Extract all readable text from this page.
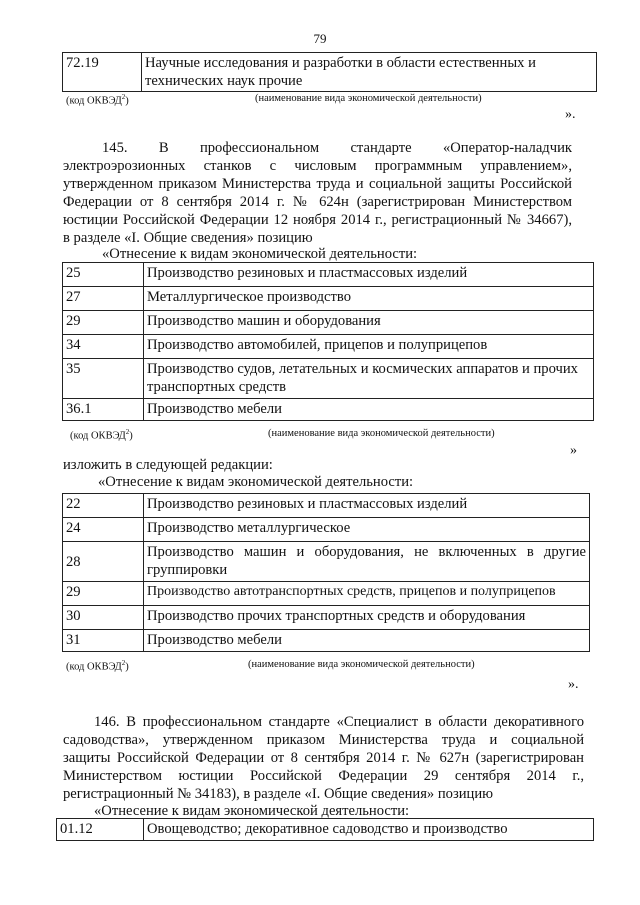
79
72.19	Научные исследования и разработки в области естественных и
технических наук прочие
(код ОКВЭД$^2$)	(наименование вида экономической деятельности)
».
145. В профессиональном стандарте «Оператор-наладчик
электроэрозионных станков с числовым программным управлением»,
утвержденном приказом Министерства труда и социальной защиты Российской
Федерации от 8 сентября 2014 г. № 624н (зарегистрирован Министерством
юстиции Российской Федерации 12 ноября 2014 г., регистрационный № 34667),
в разделе «I. Общие сведения» позицию
«Отнесение к видам экономической деятельности:
25	Производство резиновых и пластмассовых изделий
27	Металлургическое производство
29	Производство машин и оборудования
34	Производство автомобилей, прицепов и полуприцепов
35	Производство судов, летательных и космических аппаратов и прочих транспортных средств
36.1	Производство мебели
(код ОКВЭД$^2$)	(наименование вида экономической деятельности)
»
изложить в следующей редакции:
«Отнесение к видам экономической деятельности:
22	Производство резиновых и пластмассовых изделий
24	Производство металлургическое
28	Производство машин и оборудования, не включенных в другие группировки
29	Производство автотранспортных средств, прицепов и полуприцепов
30	Производство прочих транспортных средств и оборудования
31	Производство мебели
(код ОКВЭД$^2$)	(наименование вида экономической деятельности)
».
146. В профессиональном стандарте «Специалист в области декоративного
садоводства», утвержденном приказом Министерства труда и социальной
защиты Российской Федерации от 8 сентября 2014 г. № 627н (зарегистрирован
Министерством юстиции Российской Федерации 29 сентября 2014 г.,
регистрационный № 34183), в разделе «I. Общие сведения» позицию
«Отнесение к видам экономической деятельности:
01.12	Овощеводство; декоративное садоводство и производство
